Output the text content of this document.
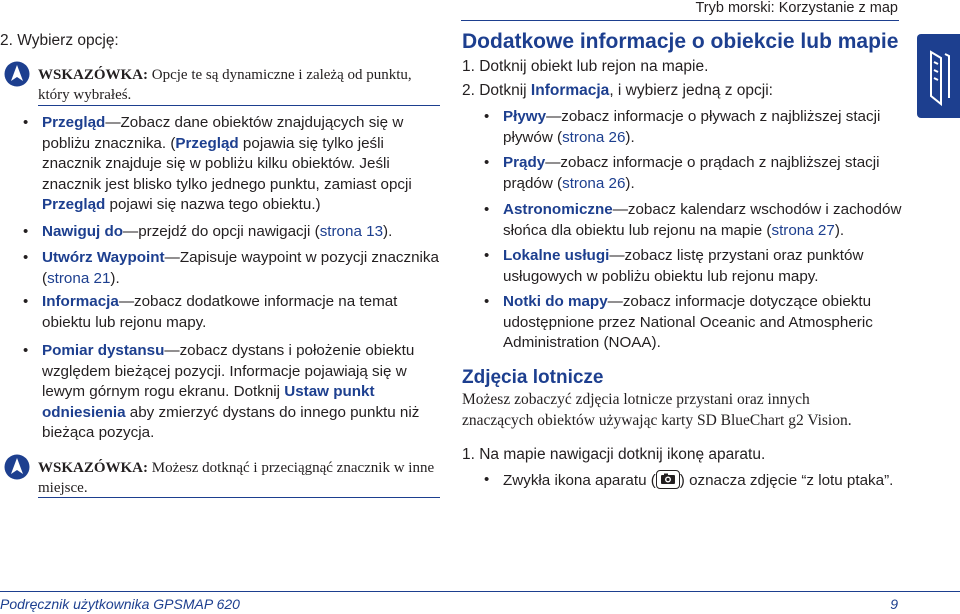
Tryb morski: Korzystanie z map
2. Wybierz opcję:
WSKAZÓWKA: Opcje te są dynamiczne i zależą od punktu, który wybrałeś.
• Przegląd—Zobacz dane obiektów znajdujących się w pobliżu znacznika. (Przegląd pojawia się tylko jeśli znacznik znajduje się w pobliżu kilku obiektów. Jeśli znacznik jest blisko tylko jednego punktu, zamiast opcji Przegląd pojawi się nazwa tego obiektu.)
• Nawiguj do—przejdź do opcji nawigacji (strona 13).
• Utwórz Waypoint—Zapisuje waypoint w pozycji znacznika (strona 21).
• Informacja—zobacz dodatkowe informacje na temat obiektu lub rejonu mapy.
• Pomiar dystansu—zobacz dystans i położenie obiektu względem bieżącej pozycji. Informacje pojawiają się w lewym górnym rogu ekranu. Dotknij Ustaw punkt odniesienia aby zmierzyć dystans do innego punktu niż bieżąca pozycja.
WSKAZÓWKA: Możesz dotknąć i przeciągnąć znacznik w inne miejsce.
Dodatkowe informacje o obiekcie lub mapie
1. Dotknij obiekt lub rejon na mapie.
2. Dotknij Informacja, i wybierz jedną z opcji:
• Pływy—zobacz informacje o pływach z najbliższej stacji pływów (strona 26).
• Prądy—zobacz informacje o prądach z najbliższej stacji prądów (strona 26).
• Astronomiczne—zobacz kalendarz wschodów i zachodów słońca dla obiektu lub rejonu na mapie (strona 27).
• Lokalne usługi—zobacz listę przystani oraz punktów usługowych w pobliżu obiektu lub rejonu mapy.
• Notki do mapy—zobacz informacje dotyczące obiektu udostępnione przez National Oceanic and Atmospheric Administration (NOAA).
Zdjęcia lotnicze
Możesz zobaczyć zdjęcia lotnicze przystani oraz innych znaczących obiektów używając karty SD BlueChart g2 Vision.
1. Na mapie nawigacji dotknij ikonę aparatu.
• Zwykła ikona aparatu ( ) oznacza zdjęcie “z lotu ptaka”.
Podręcznik użytkownika GPSMAP 620	9
